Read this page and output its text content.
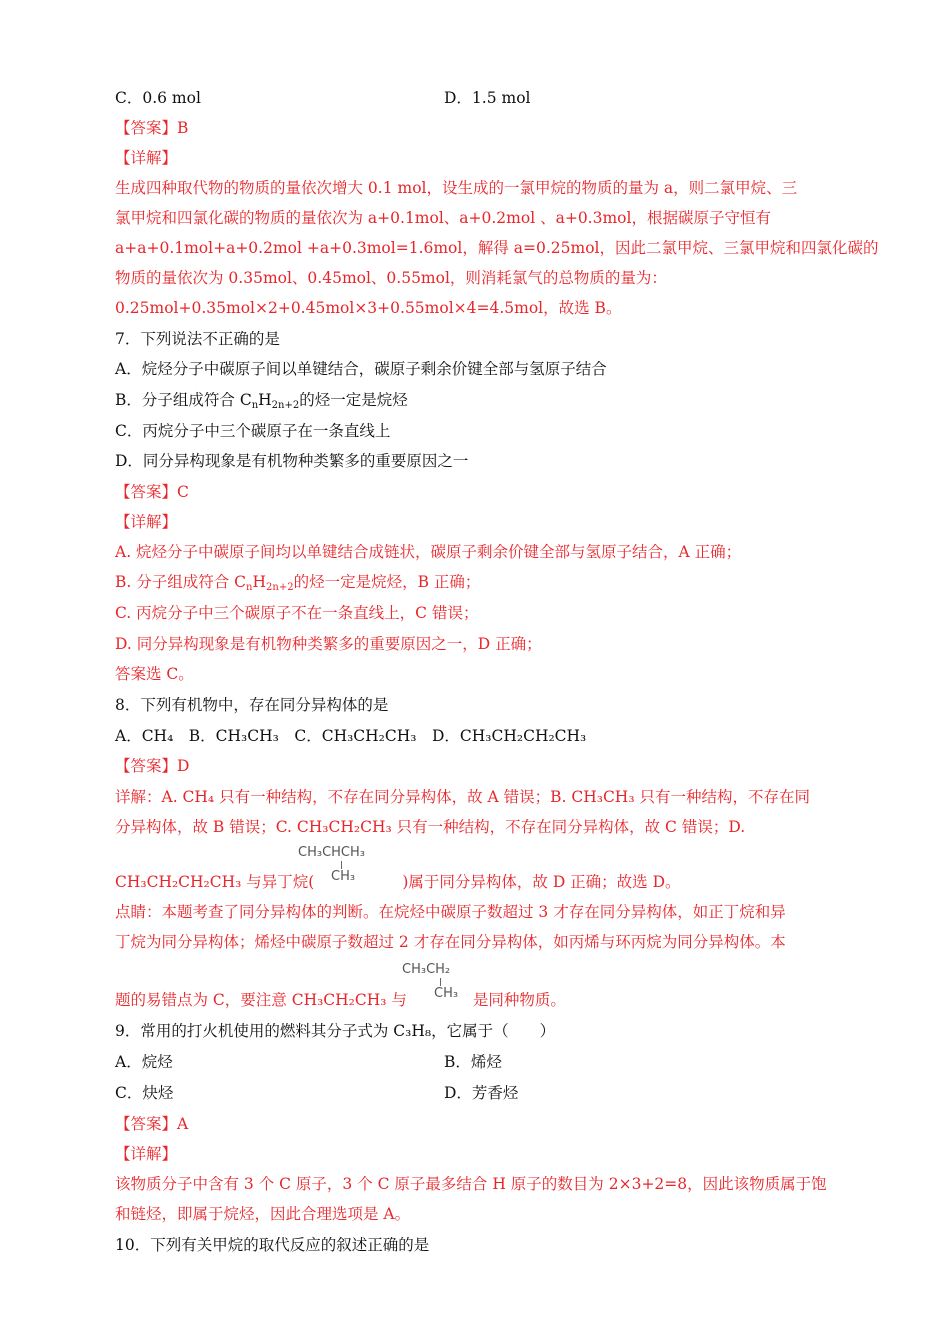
C．0.6 mol	D．1.5 mol
【答案】B
【详解】
生成四种取代物的物质的量依次增大 0.1 mol，设生成的一氯甲烷的物质的量为 a，则二氯甲烷、三
氯甲烷和四氯化碳的物质的量依次为 a+0.1mol、a+0.2mol 、a+0.3mol，根据碳原子守恒有
a+a+0.1mol+a+0.2mol +a+0.3mol=1.6mol，解得 a=0.25mol，因此二氯甲烷、三氯甲烷和四氯化碳的
物质的量依次为 0.35mol、0.45mol、0.55mol，则消耗氯气的总物质的量为：
0.25mol+0.35mol×2+0.45mol×3+0.55mol×4=4.5mol，故选 B。
7．下列说法不正确的是
A．烷烃分子中碳原子间以单键结合，碳原子剩余价键全部与氢原子结合
B．分子组成符合 $C_nH_{2n+2}$的烃一定是烷烃
C．丙烷分子中三个碳原子在一条直线上
D．同分异构现象是有机物种类繁多的重要原因之一
【答案】C
【详解】
A. 烷烃分子中碳原子间均以单键结合成链状，碳原子剩余价键全部与氢原子结合，A 正确；
B. 分子组成符合 $C_nH_{2n+2}$的烃一定是烷烃，B 正确；
C. 丙烷分子中三个碳原子不在一条直线上，C 错误；
D. 同分异构现象是有机物种类繁多的重要原因之一，D 正确；
答案选 C。
8．下列有机物中，存在同分异构体的是
A．CH₄　B．CH₃CH₃　C．CH₃CH₂CH₃　D．CH₃CH₂CH₂CH₃
【答案】D
详解：A. CH₄ 只有一种结构，不存在同分异构体，故 A 错误；B. CH₃CH₃ 只有一种结构，不存在同
分异构体，故 B 错误；C. CH₃CH₂CH₃ 只有一种结构，不存在同分异构体，故 C 错误；D.
CH₃CHCH₃
CH₃
CH₃CH₂CH₂CH₃ 与异丁烷(	)属于同分异构体，故 D 正确；故选 D。
点睛：本题考查了同分异构体的判断。在烷烃中碳原子数超过 3 才存在同分异构体，如正丁烷和异
丁烷为同分异构体；烯烃中碳原子数超过 2 才存在同分异构体，如丙烯与环丙烷为同分异构体。本
CH₃CH₂
CH₃
题的易错点为 C，要注意 CH₃CH₂CH₃ 与	是同种物质。
9．常用的打火机使用的燃料其分子式为 C₃H₈，它属于（　　）
A．烷烃	B．烯烃
C．炔烃	D．芳香烃
【答案】A
【详解】
该物质分子中含有 3 个 C 原子，3 个 C 原子最多结合 H 原子的数目为 2×3+2=8，因此该物质属于饱
和链烃，即属于烷烃，因此合理选项是 A。
10．下列有关甲烷的取代反应的叙述正确的是
